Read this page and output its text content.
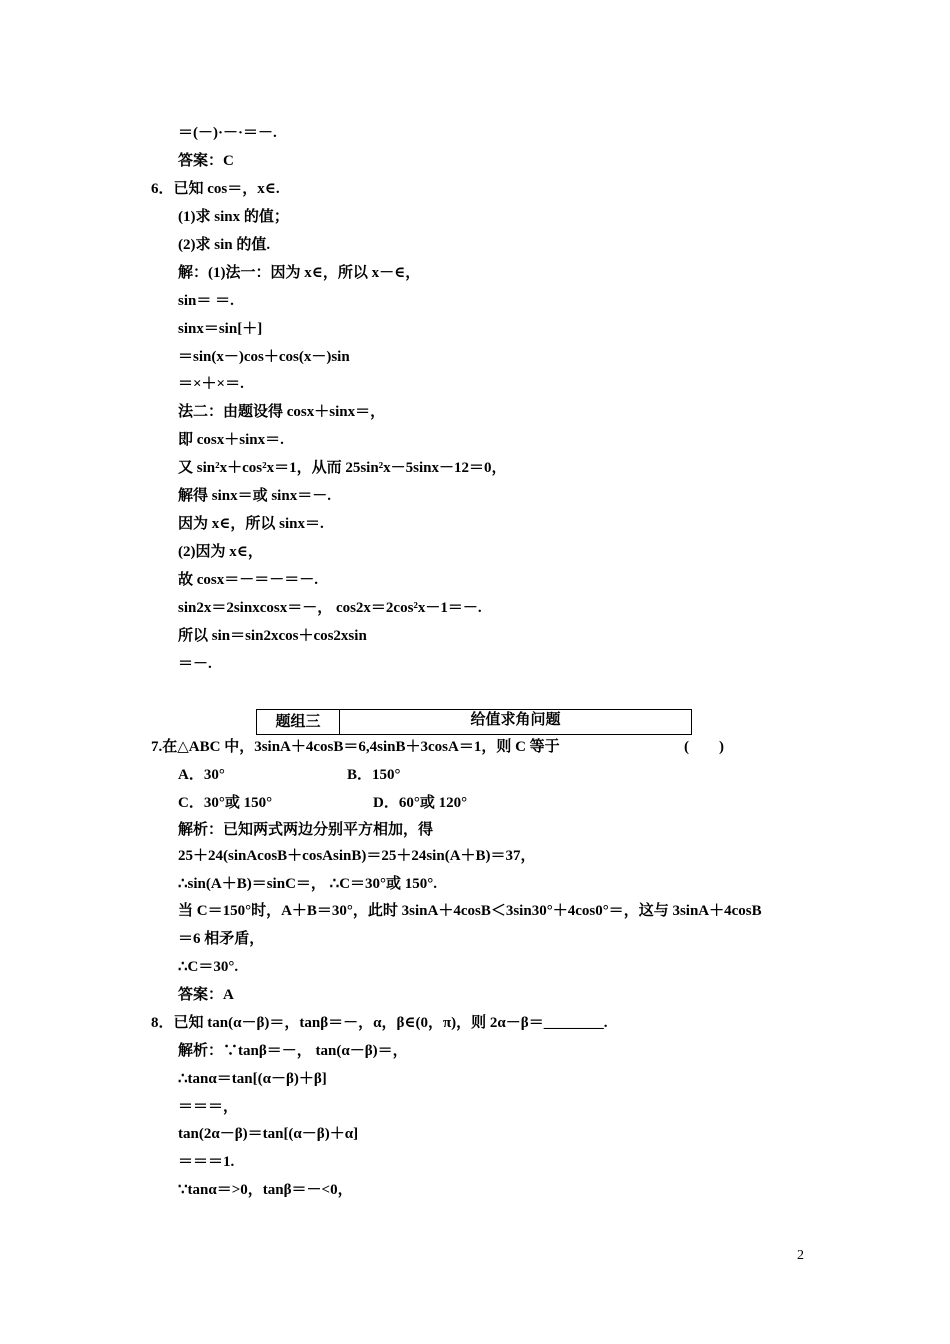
＝(－)·－·＝－.
答案：C
6．已知 cos＝，x∈.
(1)求 sinx 的值；
(2)求 sin 的值.
解：(1)法一：因为 x∈，所以 x－∈，
sin＝ ＝.
sinx＝sin[＋]
＝sin(x－)cos＋cos(x－)sin
＝×＋×＝.
法二：由题设得 cosx＋sinx＝，
即 cosx＋sinx＝.
又 sin²x＋cos²x＝1，从而 25sin²x－5sinx－12＝0，
解得 sinx＝或 sinx＝－.
因为 x∈，所以 sinx＝.
(2)因为 x∈，
故 cosx＝－＝－＝－.
sin2x＝2sinxcosx＝－， cos2x＝2cos²x－1＝－.
所以 sin＝sin2xcos＋cos2xsin
＝－.
题组三	给值求角问题
7.在△ABC 中，3sinA＋4cosB＝6,4sinB＋3cosA＝1，则 C 等于	(　　)
A．30°	B．150°
C．30°或 150°	D．60°或 120°
解析：已知两式两边分别平方相加，得
25＋24(sinAcosB＋cosAsinB)＝25＋24sin(A＋B)＝37，
∴sin(A＋B)＝sinC＝， ∴C＝30°或 150°.
当 C＝150°时，A＋B＝30°，此时 3sinA＋4cosB＜3sin30°＋4cos0°＝，这与 3sinA＋4cosB
＝6 相矛盾，
∴C＝30°.
答案：A
8．已知 tan(α－β)＝，tanβ＝－，α，β∈(0，π)，则 2α－β＝________.
解析：∵tanβ＝－， tan(α－β)＝，
∴tanα＝tan[(α－β)＋β]
＝＝＝，
tan(2α－β)＝tan[(α－β)＋α]
＝＝＝1.
∵tanα＝>0，tanβ＝－<0，
2
